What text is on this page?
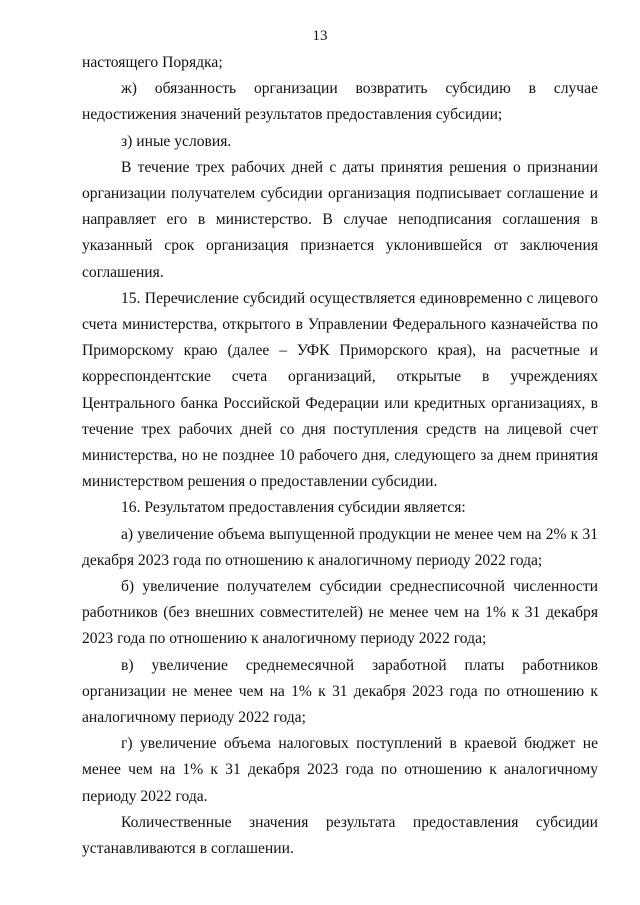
13

настоящего Порядка;

ж) обязанность организации возвратить субсидию в случае недостижения значений результатов предоставления субсидии;

з) иные условия.

В течение трех рабочих дней с даты принятия решения о признании организации получателем субсидии организация подписывает соглашение и направляет его в министерство. В случае неподписания соглашения в указанный срок организация признается уклонившейся от заключения соглашения.

15. Перечисление субсидий осуществляется единовременно с лицевого счета министерства, открытого в Управлении Федерального казначейства по Приморскому краю (далее – УФК Приморского края), на расчетные и корреспондентские счета организаций, открытые в учреждениях Центрального банка Российской Федерации или кредитных организациях, в течение трех рабочих дней со дня поступления средств на лицевой счет министерства, но не позднее 10 рабочего дня, следующего за днем принятия министерством решения о предоставлении субсидии.

16. Результатом предоставления субсидии является:

а) увеличение объема выпущенной продукции не менее чем на 2% к 31 декабря 2023 года по отношению к аналогичному периоду 2022 года;

б) увеличение получателем субсидии среднесписочной численности работников (без внешних совместителей) не менее чем на 1% к 31 декабря 2023 года по отношению к аналогичному периоду 2022 года;

в) увеличение среднемесячной заработной платы работников организации не менее чем на 1% к 31 декабря 2023 года по отношению к аналогичному периоду 2022 года;

г) увеличение объема налоговых поступлений в краевой бюджет не менее чем на 1% к 31 декабря 2023 года по отношению к аналогичному периоду 2022 года.

Количественные значения результата предоставления субсидии устанавливаются в соглашении.
